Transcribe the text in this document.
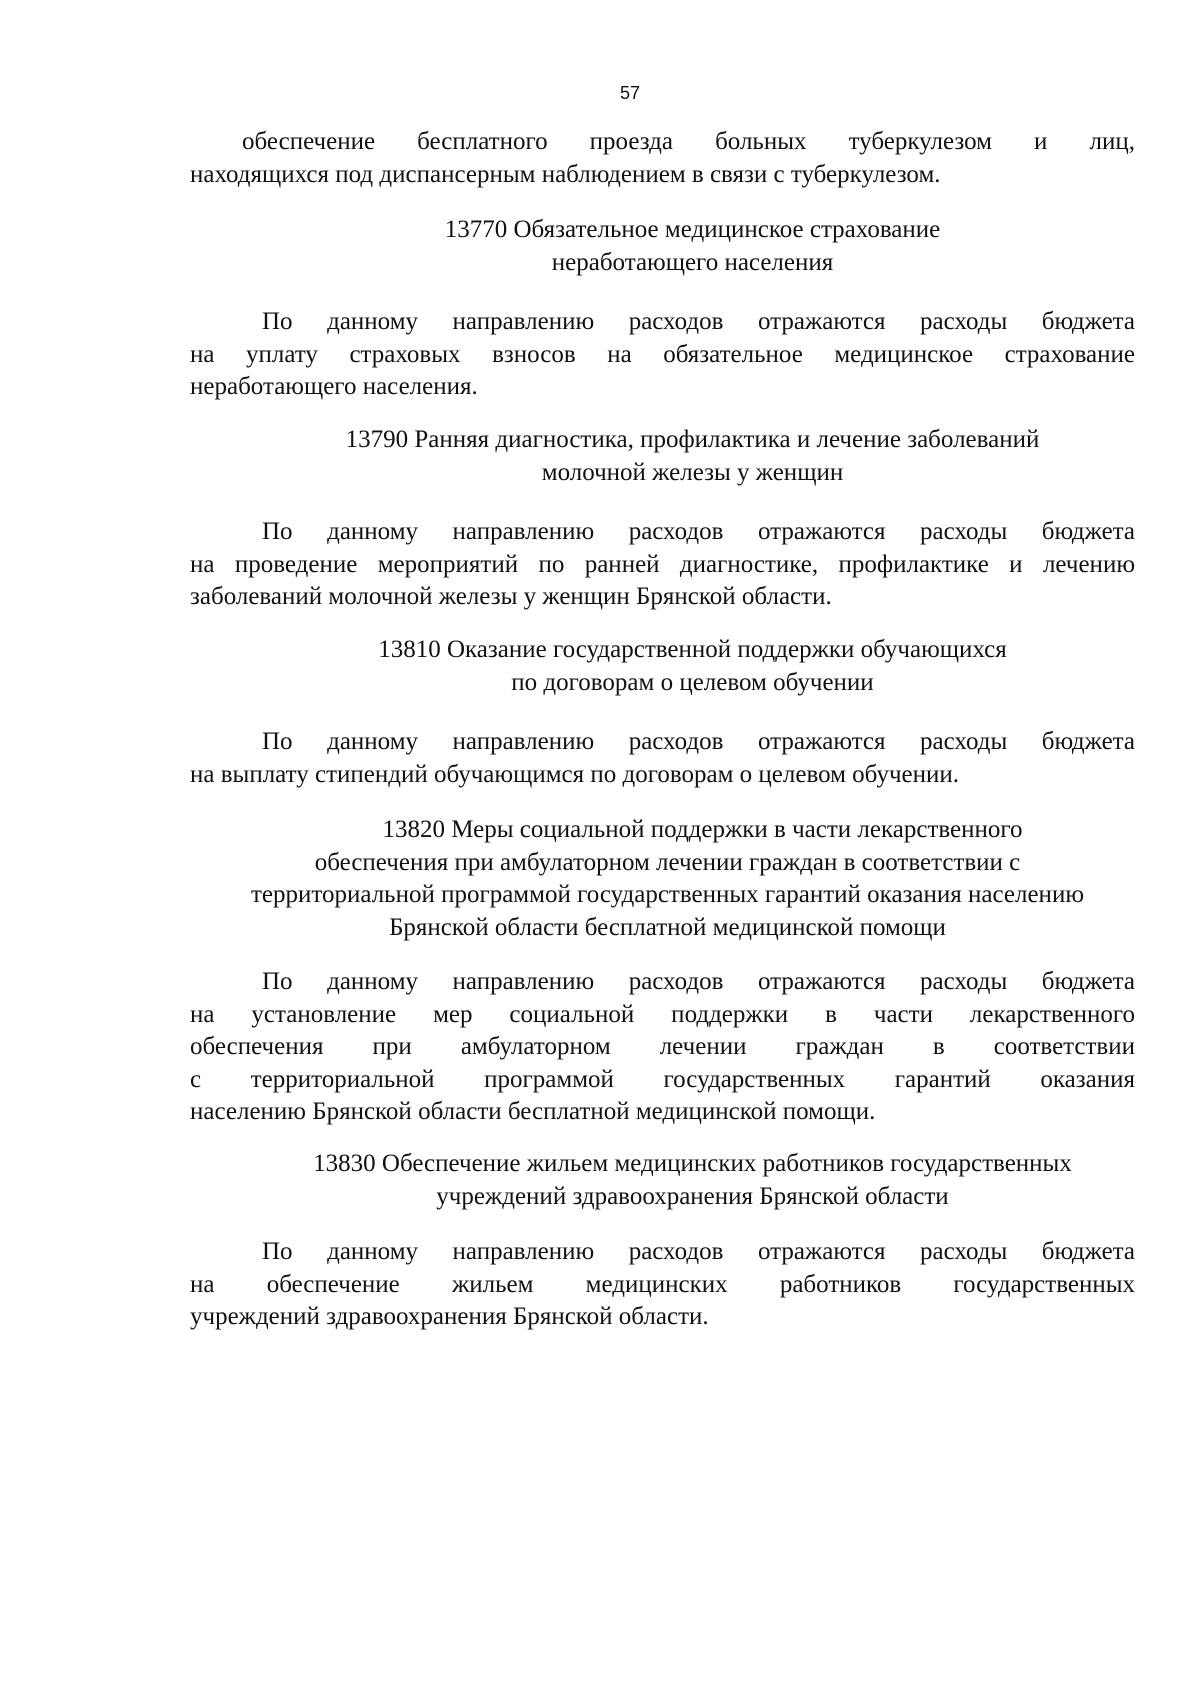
57
обеспечение бесплатного проезда больных туберкулезом и лиц,
находящихся под диспансерным наблюдением в связи с туберкулезом.
13770 Обязательное медицинское страхование
неработающего населения
По данному направлению расходов отражаются расходы бюджета
на уплату страховых взносов на обязательное медицинское страхование
неработающего населения.
13790 Ранняя диагностика, профилактика и лечение заболеваний
молочной железы у женщин
По данному направлению расходов отражаются расходы бюджета
на проведение мероприятий по ранней диагностике, профилактике и лечению
заболеваний молочной железы у женщин Брянской области.
13810 Оказание государственной поддержки обучающихся
по договорам о целевом обучении
По данному направлению расходов отражаются расходы бюджета
на выплату стипендий обучающимся по договорам о целевом обучении.
13820 Меры социальной поддержки в части лекарственного
обеспечения при амбулаторном лечении граждан в соответствии с
территориальной программой государственных гарантий оказания населению
Брянской области бесплатной медицинской помощи
По данному направлению расходов отражаются расходы бюджета
на установление мер социальной поддержки в части лекарственного
обеспечения при амбулаторном лечении граждан в соответствии
с территориальной программой государственных гарантий оказания
населению Брянской области бесплатной медицинской помощи.
13830 Обеспечение жильем медицинских работников государственных
учреждений здравоохранения Брянской области
По данному направлению расходов отражаются расходы бюджета
на обеспечение жильем медицинских работников государственных
учреждений здравоохранения Брянской области.
